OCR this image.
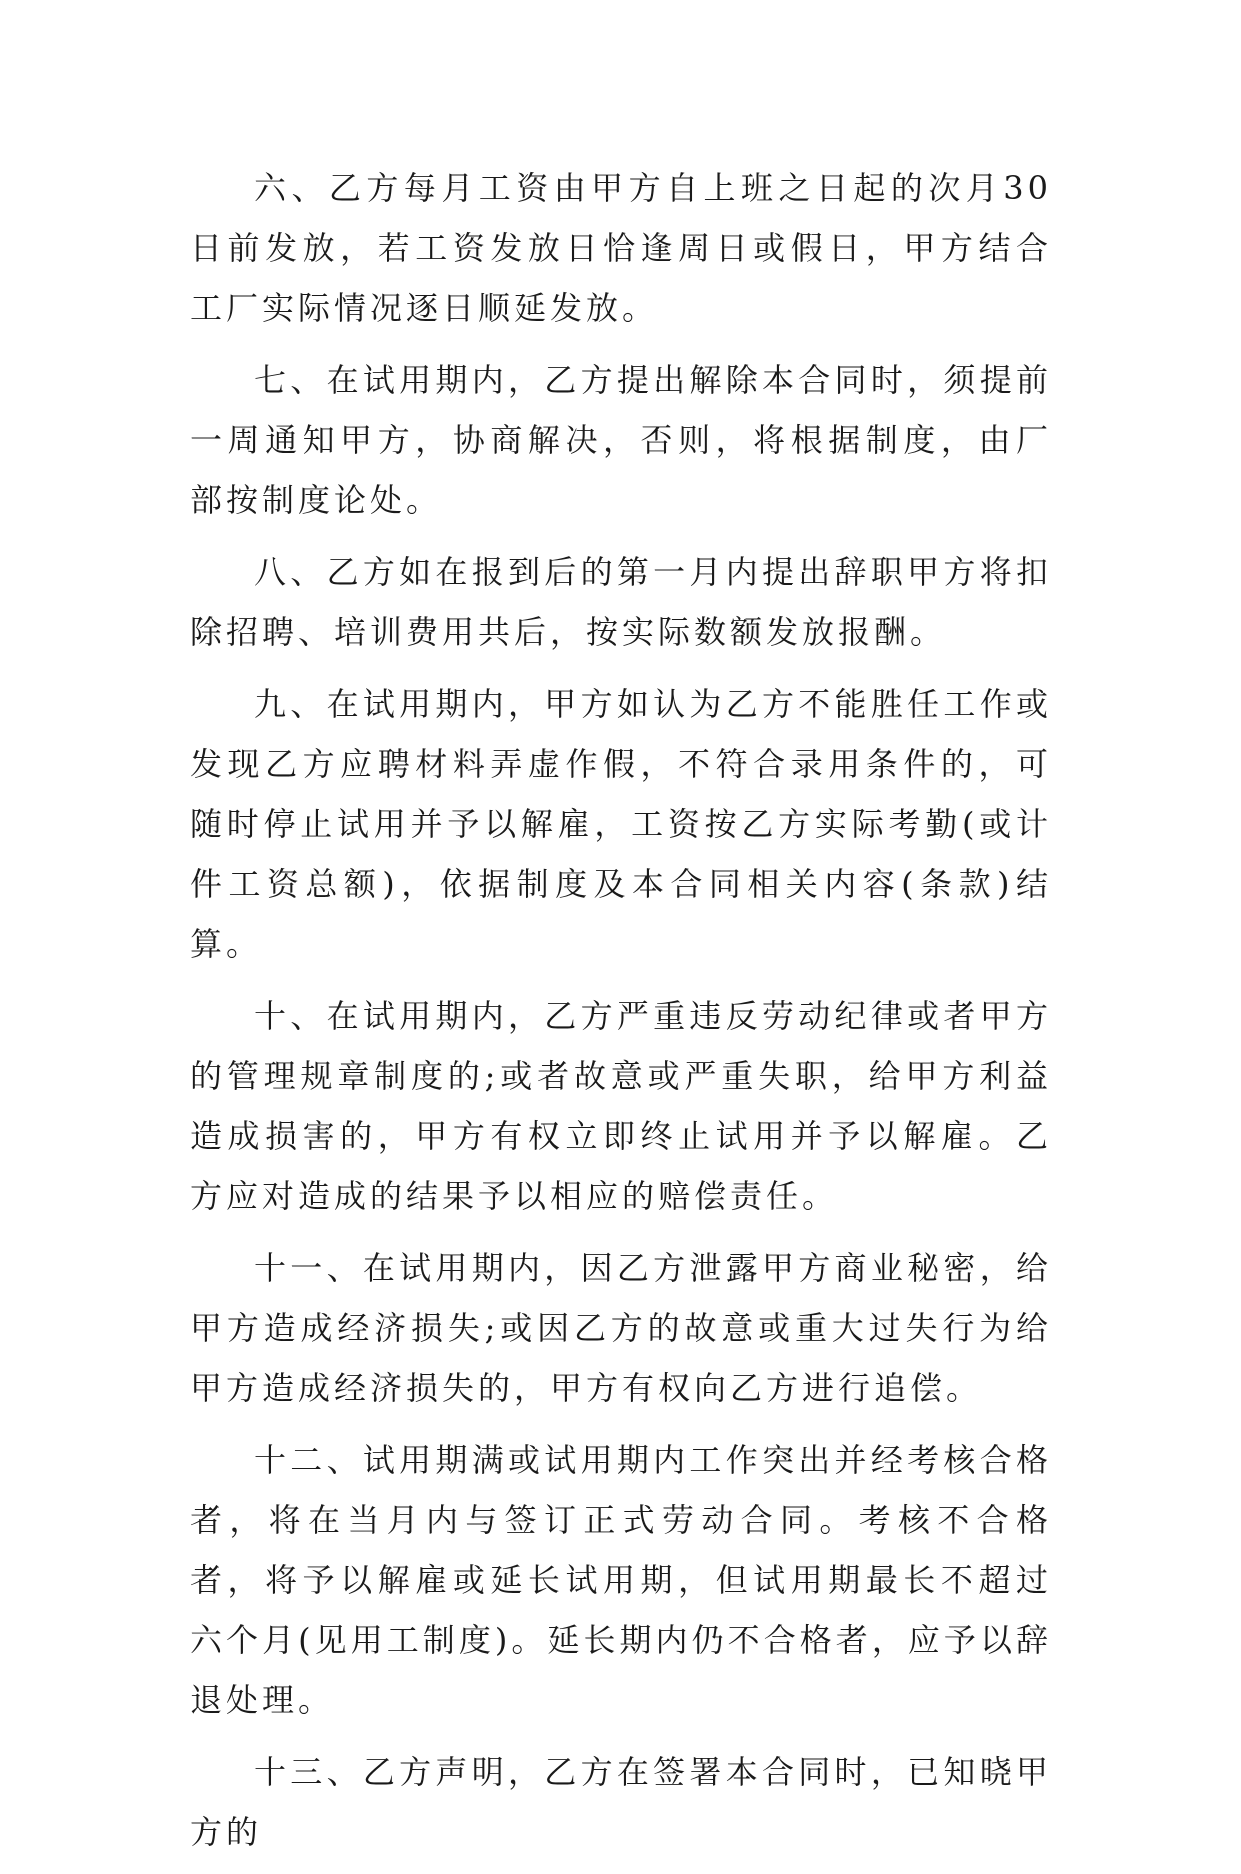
六、乙方每月工资由甲方自上班之日起的次月30日前发放，若工资发放日恰逢周日或假日，甲方结合工厂实际情况逐日顺延发放。

七、在试用期内，乙方提出解除本合同时，须提前一周通知甲方，协商解决，否则，将根据制度，由厂部按制度论处。

八、乙方如在报到后的第一月内提出辞职甲方将扣除招聘、培训费用共后，按实际数额发放报酬。

九、在试用期内，甲方如认为乙方不能胜任工作或发现乙方应聘材料弄虚作假，不符合录用条件的，可随时停止试用并予以解雇，工资按乙方实际考勤(或计件工资总额)，依据制度及本合同相关内容(条款)结算。

十、在试用期内，乙方严重违反劳动纪律或者甲方的管理规章制度的;或者故意或严重失职，给甲方利益造成损害的，甲方有权立即终止试用并予以解雇。乙方应对造成的结果予以相应的赔偿责任。

十一、在试用期内，因乙方泄露甲方商业秘密，给甲方造成经济损失;或因乙方的故意或重大过失行为给甲方造成经济损失的，甲方有权向乙方进行追偿。

十二、试用期满或试用期内工作突出并经考核合格者，将在当月内与签订正式劳动合同。考核不合格者，将予以解雇或延长试用期，但试用期最长不超过六个月(见用工制度)。延长期内仍不合格者，应予以辞退处理。

十三、乙方声明，乙方在签署本合同时，已知晓甲方的
